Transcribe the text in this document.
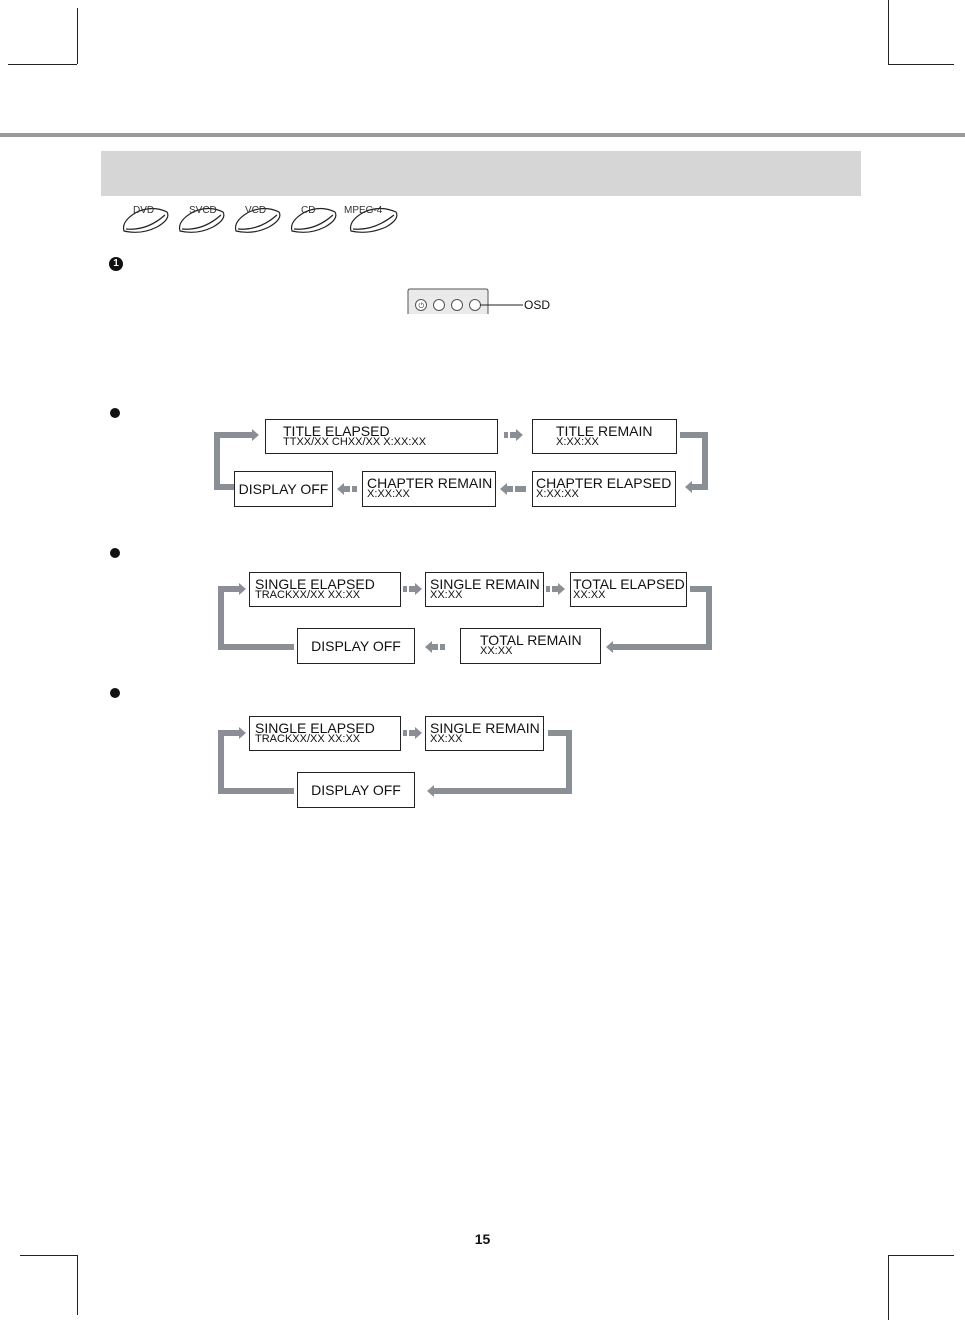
DVD	SVCD	VCD	CD	MPEG-4
1
⏻	OSD
TITLE ELAPSED
TTXX/XX CHXX/XX X:XX:XX
TITLE REMAIN
X:XX:XX
CHAPTER ELAPSED
X:XX:XX
CHAPTER REMAIN
X:XX:XX
DISPLAY OFF
SINGLE ELAPSED
TRACKXX/XX XX:XX
SINGLE REMAIN
XX:XX
TOTAL ELAPSED
XX:XX
TOTAL REMAIN
XX:XX
DISPLAY OFF
SINGLE ELAPSED
TRACKXX/XX XX:XX
SINGLE REMAIN
XX:XX
DISPLAY OFF
15
